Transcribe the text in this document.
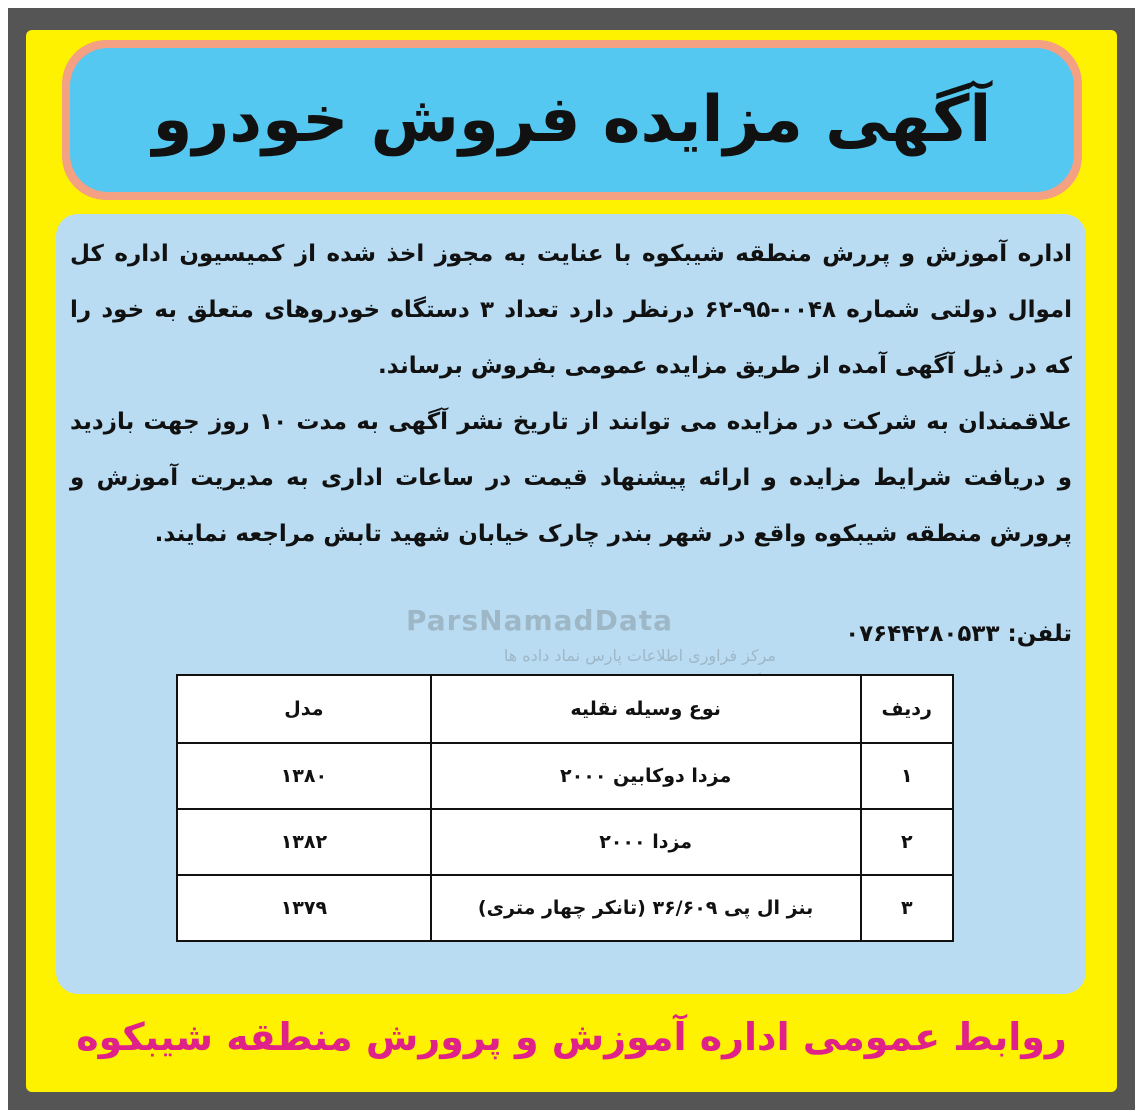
آگهی مزایده فروش خودرو
اداره آموزش و پررش منطقه شیبکوه با عنایت به مجوز اخذ شده از کمیسیون اداره کل اموال دولتی شماره ۰۰۴۸-۹۵-۶۲ درنظر دارد تعداد ۳ دستگاه خودروهای متعلق به خود را که در ذیل آگهی آمده از طریق مزایده عمومی بفروش برساند.
علاقمندان به شرکت در مزایده می توانند از تاریخ نشر آگهی به مدت ۱۰ روز جهت بازدید و دریافت شرایط مزایده و ارائه پیشنهاد قیمت در ساعات اداری به مدیریت آموزش و پرورش منطقه شیبکوه واقع در شهر بندر چارک خیابان شهید تابش مراجعه نمایند.
تلفن: ۰۷۶۴۴۲۸۰۵۳۳
ParsNamadData
مرکز فراوری اطلاعات پارس نماد داده ها
ردیف	نوع وسیله نقلیه	مدل
۱	مزدا دوکابین ۲۰۰۰	۱۳۸۰
۲	مزدا ۲۰۰۰	۱۳۸۲
۳	بنز ال پی ۳۶/۶۰۹ (تانکر چهار متری)	۱۳۷۹
روابط عمومی اداره آموزش و پرورش منطقه شیبکوه
